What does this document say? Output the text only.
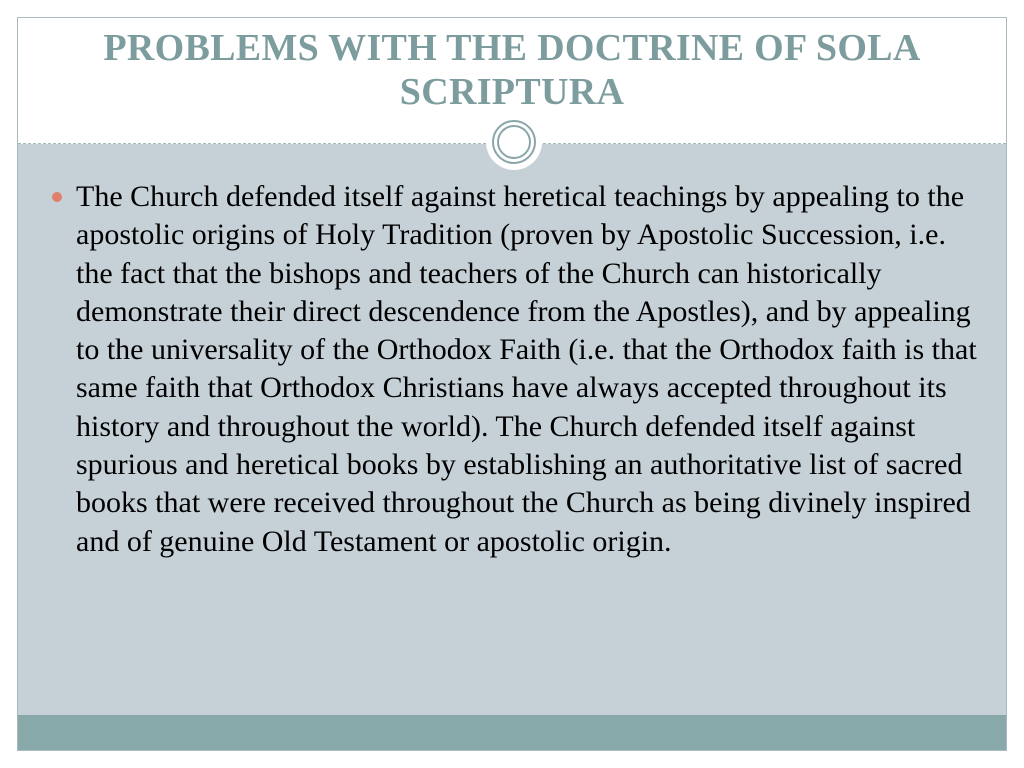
PROBLEMS WITH THE DOCTRINE OF SOLA SCRIPTURA
The Church defended itself against heretical teachings by appealing to the apostolic origins of Holy Tradition (proven by Apostolic Succession, i.e. the fact that the bishops and teachers of the Church can historically demonstrate their direct descendence from the Apostles), and by appealing to the universality of the Orthodox Faith (i.e. that the Orthodox faith is that same faith that Orthodox Christians have always accepted throughout its history and throughout the world). The Church defended itself against spurious and heretical books by establishing an authoritative list of sacred books that were received throughout the Church as being divinely inspired and of genuine Old Testament or apostolic origin.
